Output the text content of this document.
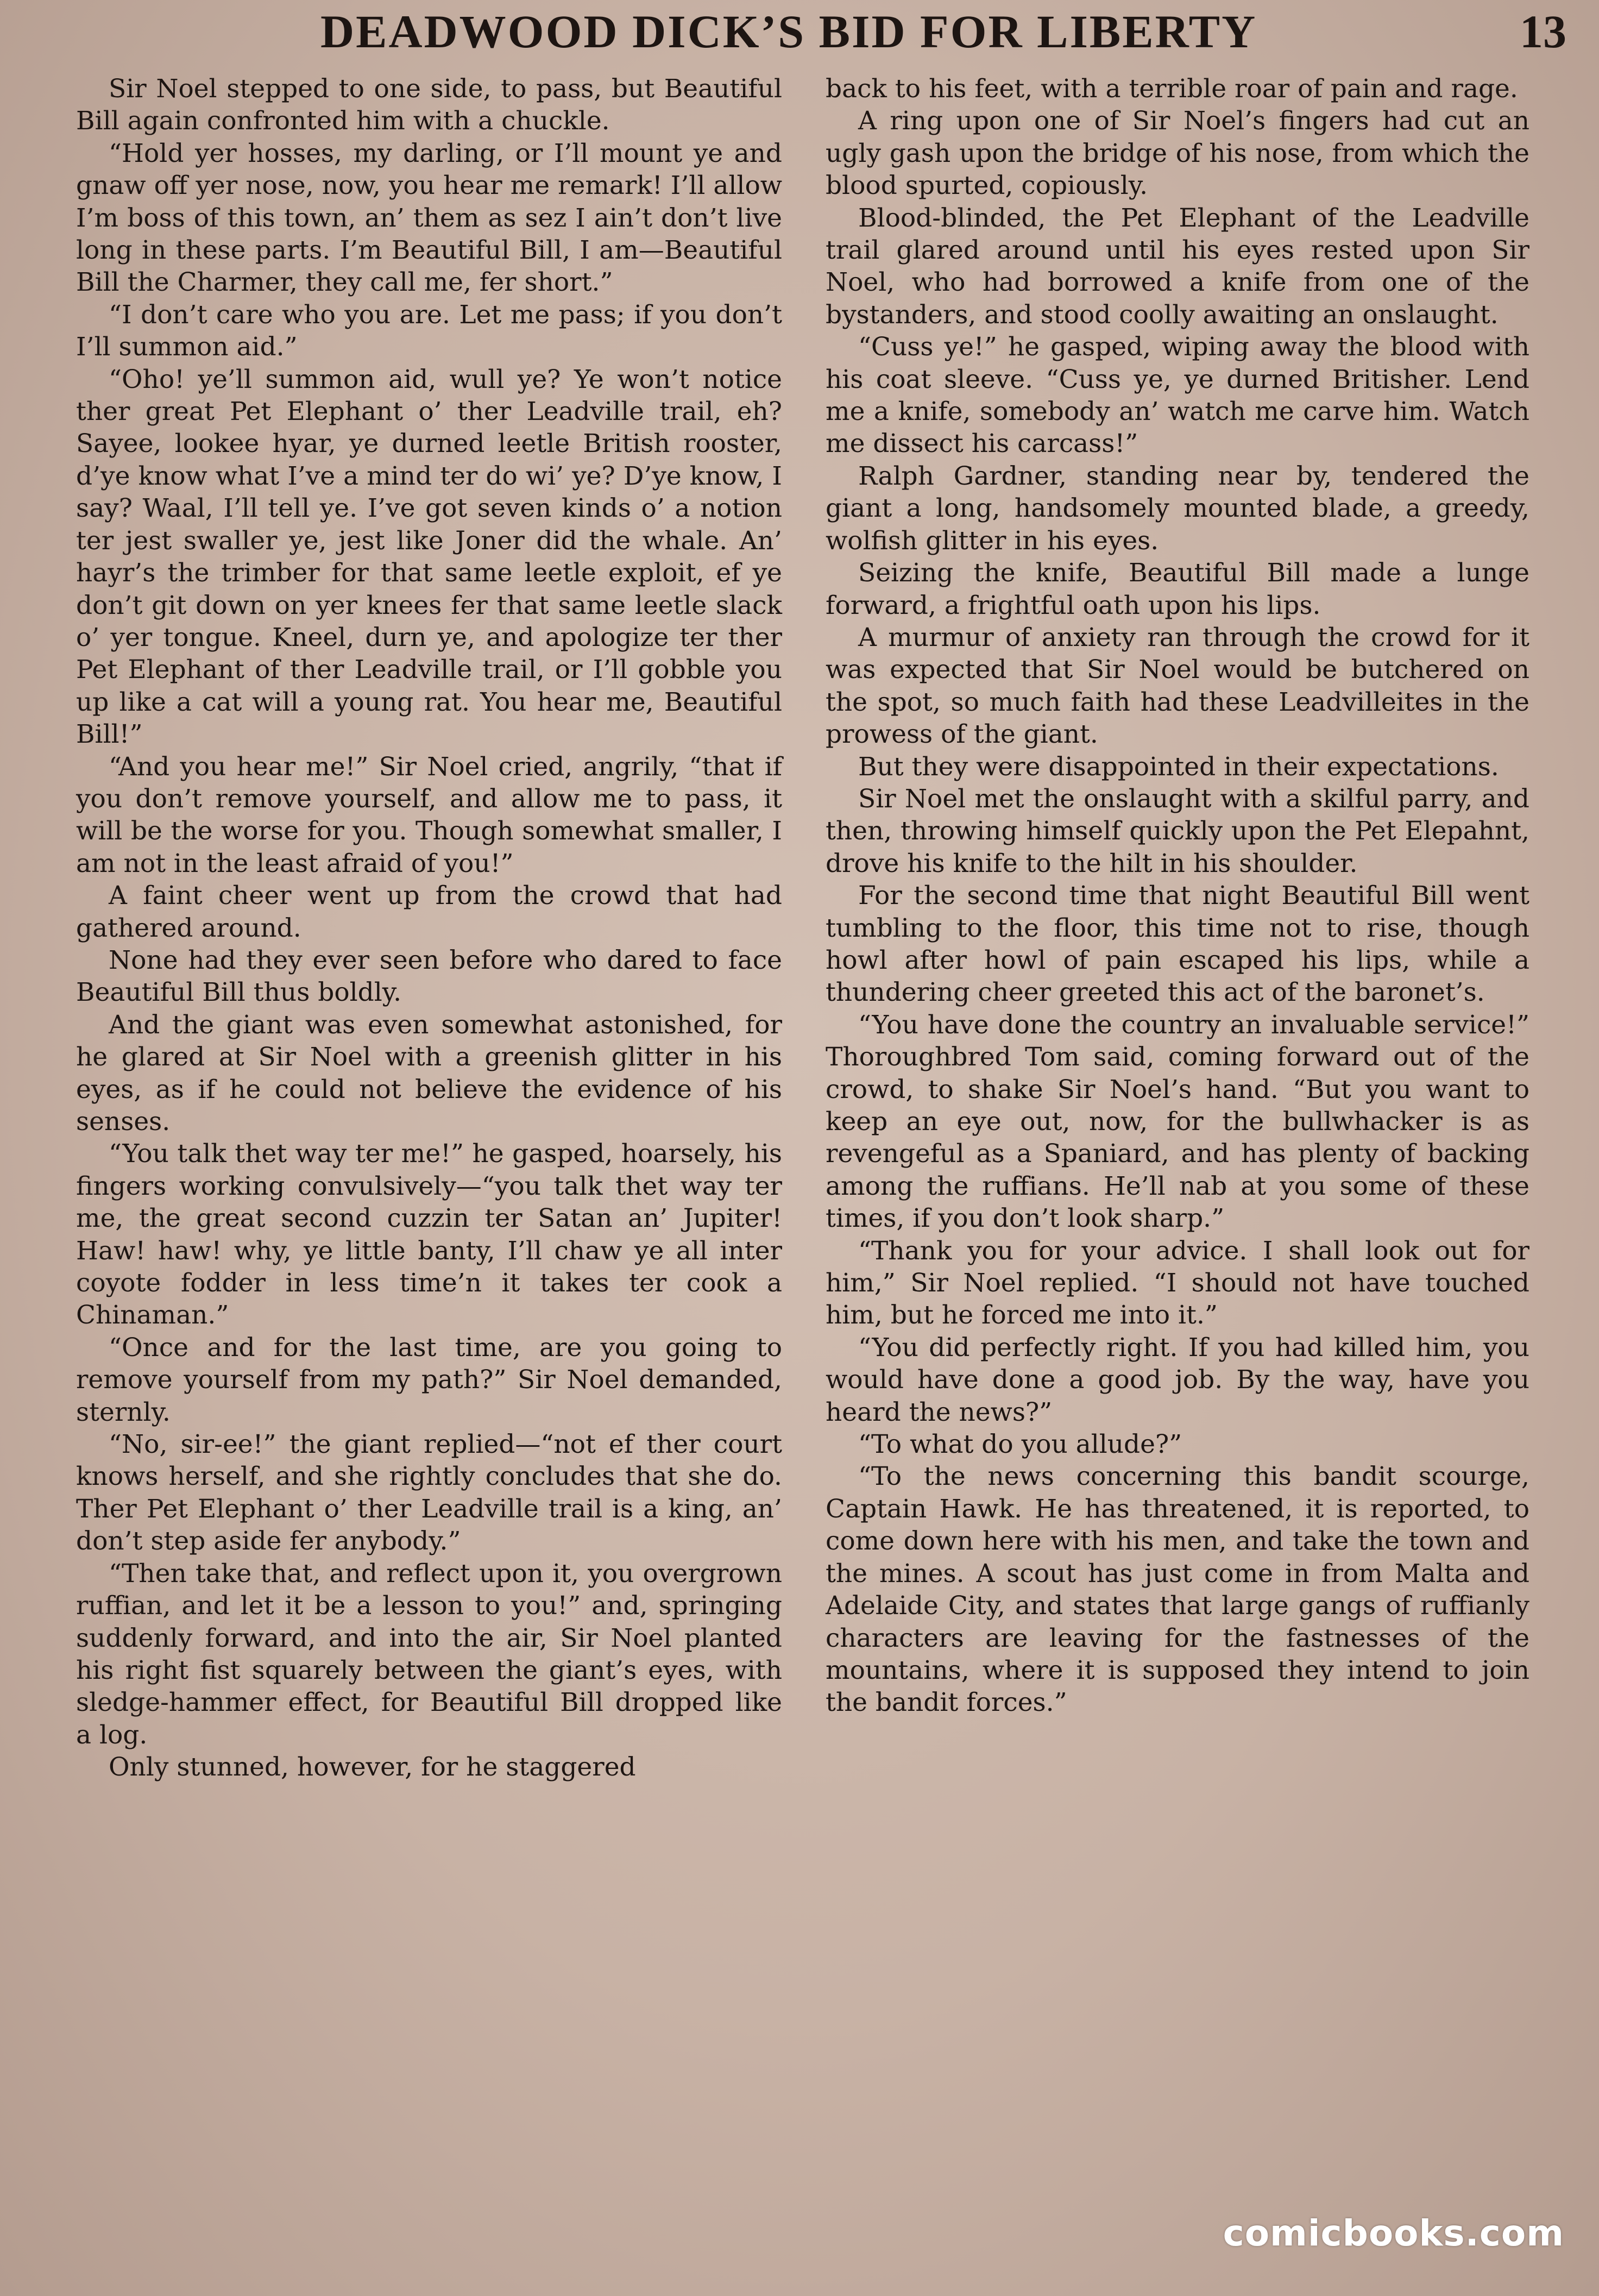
DEADWOOD DICK’S BID FOR LIBERTY	13

Sir Noel stepped to one side, to pass, but Beautiful Bill again confronted him with a chuckle.

“Hold yer hosses, my darling, or I’ll mount ye and gnaw off yer nose, now, you hear me remark! I’ll allow I’m boss of this town, an’ them as sez I ain’t don’t live long in these parts. I’m Beautiful Bill, I am—Beautiful Bill the Charmer, they call me, fer short.”

“I don’t care who you are. Let me pass; if you don’t I’ll summon aid.”

“Oho! ye’ll summon aid, wull ye? Ye won’t notice ther great Pet Elephant o’ ther Leadville trail, eh? Sayee, lookee hyar, ye durned leetle British rooster, d’ye know what I’ve a mind ter do wi’ ye? D’ye know, I say? Waal, I’ll tell ye. I’ve got seven kinds o’ a notion ter jest swaller ye, jest like Joner did the whale. An’ hayr’s the trimber for that same leetle exploit, ef ye don’t git down on yer knees fer that same leetle slack o’ yer tongue. Kneel, durn ye, and apologize ter ther Pet Elephant of ther Leadville trail, or I’ll gobble you up like a cat will a young rat. You hear me, Beautiful Bill!”

“And you hear me!” Sir Noel cried, angrily, “that if you don’t remove yourself, and allow me to pass, it will be the worse for you. Though somewhat smaller, I am not in the least afraid of you!”

A faint cheer went up from the crowd that had gathered around.

None had they ever seen before who dared to face Beautiful Bill thus boldly.

And the giant was even somewhat astonished, for he glared at Sir Noel with a greenish glitter in his eyes, as if he could not believe the evidence of his senses.

“You talk thet way ter me!” he gasped, hoarsely, his fingers working convulsively—“you talk thet way ter me, the great second cuzzin ter Satan an’ Jupiter! Haw! haw! why, ye little banty, I’ll chaw ye all inter coyote fodder in less time’n it takes ter cook a Chinaman.”

“Once and for the last time, are you going to remove yourself from my path?” Sir Noel demanded, sternly.

“No, sir-ee!” the giant replied—“not ef ther court knows herself, and she rightly concludes that she do. Ther Pet Elephant o’ ther Leadville trail is a king, an’ don’t step aside fer anybody.”

“Then take that, and reflect upon it, you overgrown ruffian, and let it be a lesson to you!” and, springing suddenly forward, and into the air, Sir Noel planted his right fist squarely between the giant’s eyes, with sledge-hammer effect, for Beautiful Bill dropped like a log.

Only stunned, however, for he staggered

back to his feet, with a terrible roar of pain and rage.

A ring upon one of Sir Noel’s fingers had cut an ugly gash upon the bridge of his nose, from which the blood spurted, copiously.

Blood-blinded, the Pet Elephant of the Leadville trail glared around until his eyes rested upon Sir Noel, who had borrowed a knife from one of the bystanders, and stood coolly awaiting an onslaught.

“Cuss ye!” he gasped, wiping away the blood with his coat sleeve. “Cuss ye, ye durned Britisher. Lend me a knife, somebody an’ watch me carve him. Watch me dissect his carcass!”

Ralph Gardner, standing near by, tendered the giant a long, handsomely mounted blade, a greedy, wolfish glitter in his eyes.

Seizing the knife, Beautiful Bill made a lunge forward, a frightful oath upon his lips.

A murmur of anxiety ran through the crowd for it was expected that Sir Noel would be butchered on the spot, so much faith had these Leadvilleites in the prowess of the giant.

But they were disappointed in their expectations.

Sir Noel met the onslaught with a skilful parry, and then, throwing himself quickly upon the Pet Elepahnt, drove his knife to the hilt in his shoulder.

For the second time that night Beautiful Bill went tumbling to the floor, this time not to rise, though howl after howl of pain escaped his lips, while a thundering cheer greeted this act of the baronet’s.

“You have done the country an invaluable service!” Thoroughbred Tom said, coming forward out of the crowd, to shake Sir Noel’s hand. “But you want to keep an eye out, now, for the bullwhacker is as revengeful as a Spaniard, and has plenty of backing among the ruffians. He’ll nab at you some of these times, if you don’t look sharp.”

“Thank you for your advice. I shall look out for him,” Sir Noel replied. “I should not have touched him, but he forced me into it.”

“You did perfectly right. If you had killed him, you would have done a good job. By the way, have you heard the news?”

“To what do you allude?”

“To the news concerning this bandit scourge, Captain Hawk. He has threatened, it is reported, to come down here with his men, and take the town and the mines. A scout has just come in from Malta and Adelaide City, and states that large gangs of ruffianly characters are leaving for the fastnesses of the mountains, where it is supposed they intend to join the bandit forces.”

comicbooks.com
